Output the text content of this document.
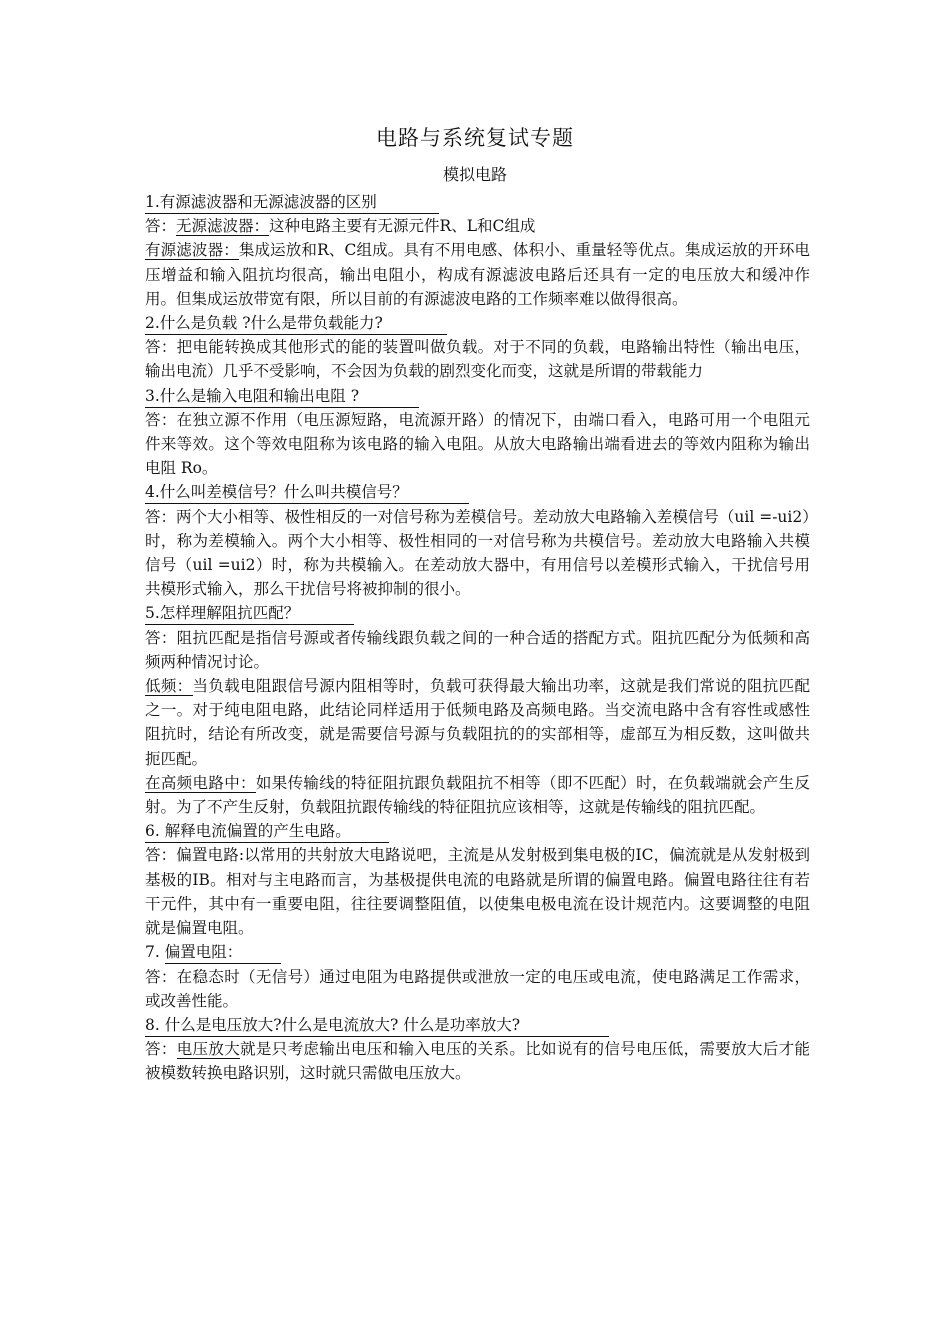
电路与系统复试专题
模拟电路

1.有源滤波器和无源滤波器的区别

答：无源滤波器：这种电路主要有无源元件R、L和C组成

有源滤波器：集成运放和R、C组成。具有不用电感、体积小、重量轻等优点。集成运放的开环电压增益和输入阻抗均很高，输出电阻小，构成有源滤波电路后还具有一定的电压放大和缓冲作用。但集成运放带宽有限，所以目前的有源滤波电路的工作频率难以做得很高。

2.什么是负载 ?什么是带负载能力?

答：把电能转换成其他形式的能的装置叫做负载。对于不同的负载，电路输出特性（输出电压，输出电流）几乎不受影响，不会因为负载的剧烈变化而变，这就是所谓的带载能力

3.什么是输入电阻和输出电阻 ?

答：在独立源不作用（电压源短路，电流源开路）的情况下，由端口看入，电路可用一个电阻元件来等效。这个等效电阻称为该电路的输入电阻。从放大电路输出端看进去的等效内阻称为输出电阻 Ro。

4.什么叫差模信号？什么叫共模信号？

答：两个大小相等、极性相反的一对信号称为差模信号。差动放大电路输入差模信号（uil =-ui2）时，称为差模输入。两个大小相等、极性相同的一对信号称为共模信号。差动放大电路输入共模信号（uil =ui2）时，称为共模输入。在差动放大器中，有用信号以差模形式输入，干扰信号用共模形式输入，那么干扰信号将被抑制的很小。

5.怎样理解阻抗匹配？

答：阻抗匹配是指信号源或者传输线跟负载之间的一种合适的搭配方式。阻抗匹配分为低频和高频两种情况讨论。

低频：当负载电阻跟信号源内阻相等时，负载可获得最大输出功率，这就是我们常说的阻抗匹配之一。对于纯电阻电路，此结论同样适用于低频电路及高频电路。当交流电路中含有容性或感性阻抗时，结论有所改变，就是需要信号源与负载阻抗的的实部相等，虚部互为相反数，这叫做共扼匹配。

在高频电路中：如果传输线的特征阻抗跟负载阻抗不相等（即不匹配）时，在负载端就会产生反射。为了不产生反射，负载阻抗跟传输线的特征阻抗应该相等，这就是传输线的阻抗匹配。

6. 解释电流偏置的产生电路。

答：偏置电路:以常用的共射放大电路说吧，主流是从发射极到集电极的IC，偏流就是从发射极到基极的IB。相对与主电路而言，为基极提供电流的电路就是所谓的偏置电路。偏置电路往往有若干元件，其中有一重要电阻，往往要调整阻值，以使集电极电流在设计规范内。这要调整的电阻就是偏置电阻。

7. 偏置电阻：

答：在稳态时（无信号）通过电阻为电路提供或泄放一定的电压或电流，使电路满足工作需求， 或改善性能。

8. 什么是电压放大?什么是电流放大? 什么是功率放大?

答：电压放大就是只考虑输出电压和输入电压的关系。比如说有的信号电压低，需要放大后才能被模数转换电路识别，这时就只需做电压放大。
